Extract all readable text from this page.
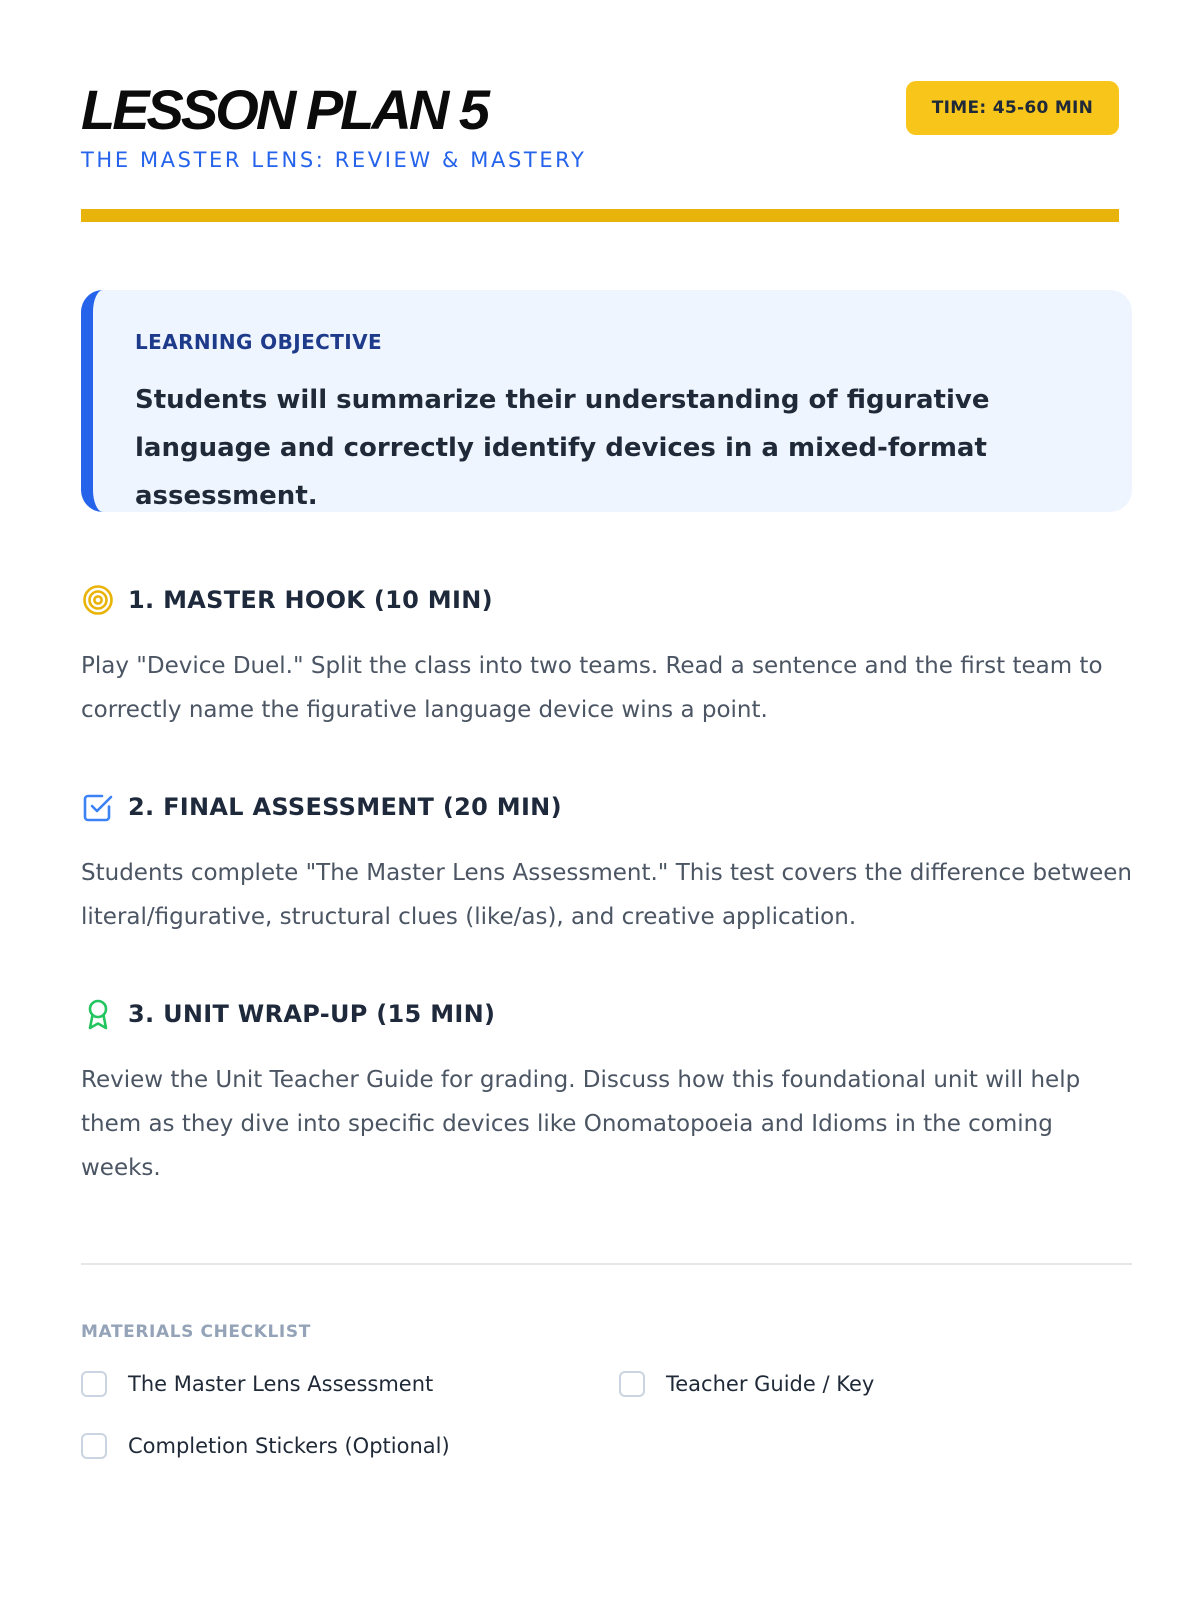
LESSON PLAN 5
THE MASTER LENS: REVIEW & MASTERY
TIME: 45-60 MIN
LEARNING OBJECTIVE
Students will summarize their understanding of figurative language and correctly identify devices in a mixed-format assessment.
1. MASTER HOOK (10 MIN)

Play "Device Duel." Split the class into two teams. Read a sentence and the first team to correctly name the figurative language device wins a point.

2. FINAL ASSESSMENT (20 MIN)

Students complete "The Master Lens Assessment." This test covers the difference between literal/figurative, structural clues (like/as), and creative application.

3. UNIT WRAP-UP (15 MIN)

Review the Unit Teacher Guide for grading. Discuss how this foundational unit will help them as they dive into specific devices like Onomatopoeia and Idioms in the coming weeks.

MATERIALS CHECKLIST
The Master Lens Assessment	Teacher Guide / Key
Completion Stickers (Optional)
